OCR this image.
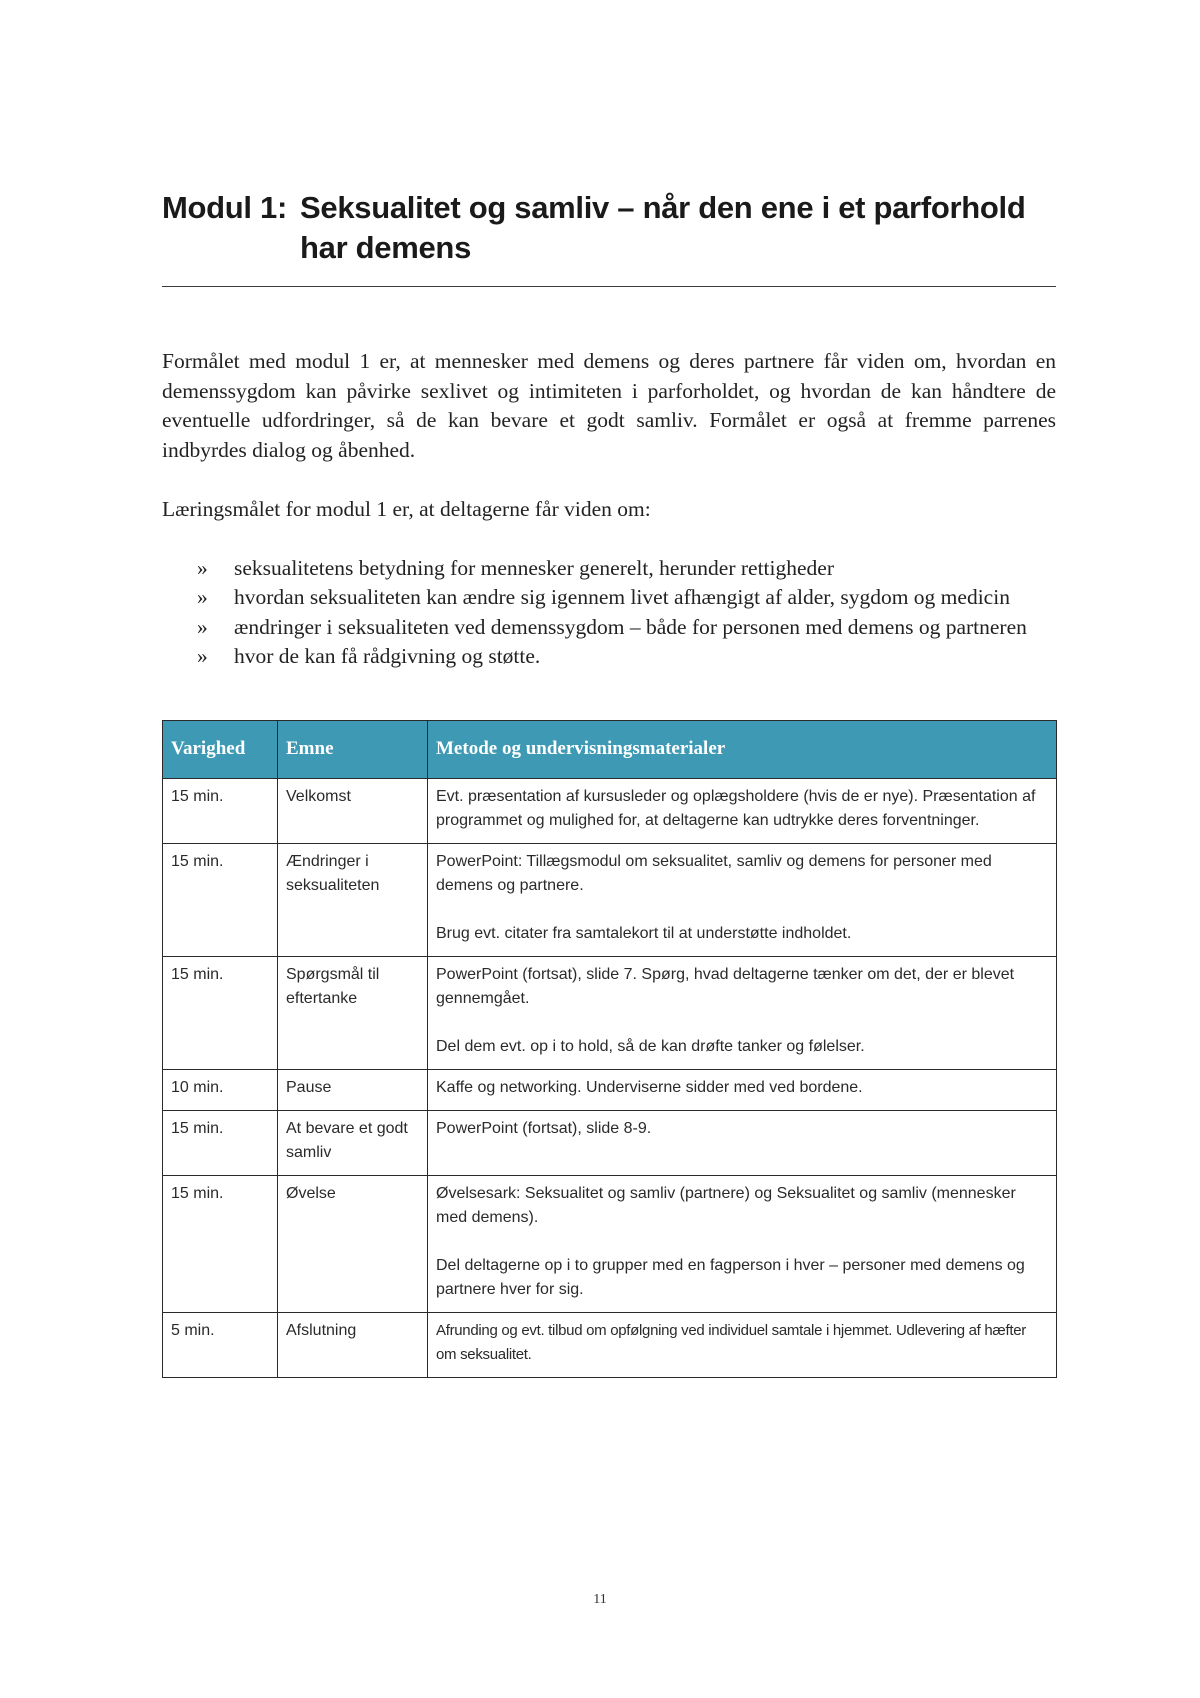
Modul 1: Seksualitet og samliv – når den ene i et parforhold har demens

Formålet med modul 1 er, at mennesker med demens og deres partnere får viden om, hvordan en demenssygdom kan påvirke sexlivet og intimiteten i parforholdet, og hvordan de kan håndtere de eventuelle udfordringer, så de kan bevare et godt samliv. Formålet er også at fremme parrenes indbyrdes dialog og åbenhed.

Læringsmålet for modul 1 er, at deltagerne får viden om:

»	seksualitetens betydning for mennesker generelt, herunder rettigheder
»	hvordan seksualiteten kan ændre sig igennem livet afhængigt af alder, sygdom og medicin
»	ændringer i seksualiteten ved demenssygdom – både for personen med demens og partneren
»	hvor de kan få rådgivning og støtte.
Varighed	Emne	Metode og undervisningsmaterialer
15 min.	Velkomst	Evt. præsentation af kursusleder og oplægsholdere (hvis de er nye). Præsentation af programmet og mulighed for, at deltagerne kan udtrykke deres forventninger.

15 min.	Ændringer i seksualiteten	PowerPoint: Tillægsmodul om seksualitet, samliv og demens for personer med demens og partnere.
Brug evt. citater fra samtalekort til at understøtte indholdet.

15 min.	Spørgsmål til eftertanke	PowerPoint (fortsat), slide 7. Spørg, hvad deltagerne tænker om det, der er blevet gennemgået.
Del dem evt. op i to hold, så de kan drøfte tanker og følelser.

10 min.	Pause	Kaffe og networking. Underviserne sidder med ved bordene.

15 min.	At bevare et godt samliv	PowerPoint (fortsat), slide 8-9.

15 min.	Øvelse	Øvelsesark: Seksualitet og samliv (partnere) og Seksualitet og samliv (mennesker med demens).
Del deltagerne op i to grupper med en fagperson i hver – personer med demens og partnere hver for sig.

5 min.	Afslutning	Afrunding og evt. tilbud om opfølgning ved individuel samtale i hjemmet. Udlevering af hæfter om seksualitet.
11
